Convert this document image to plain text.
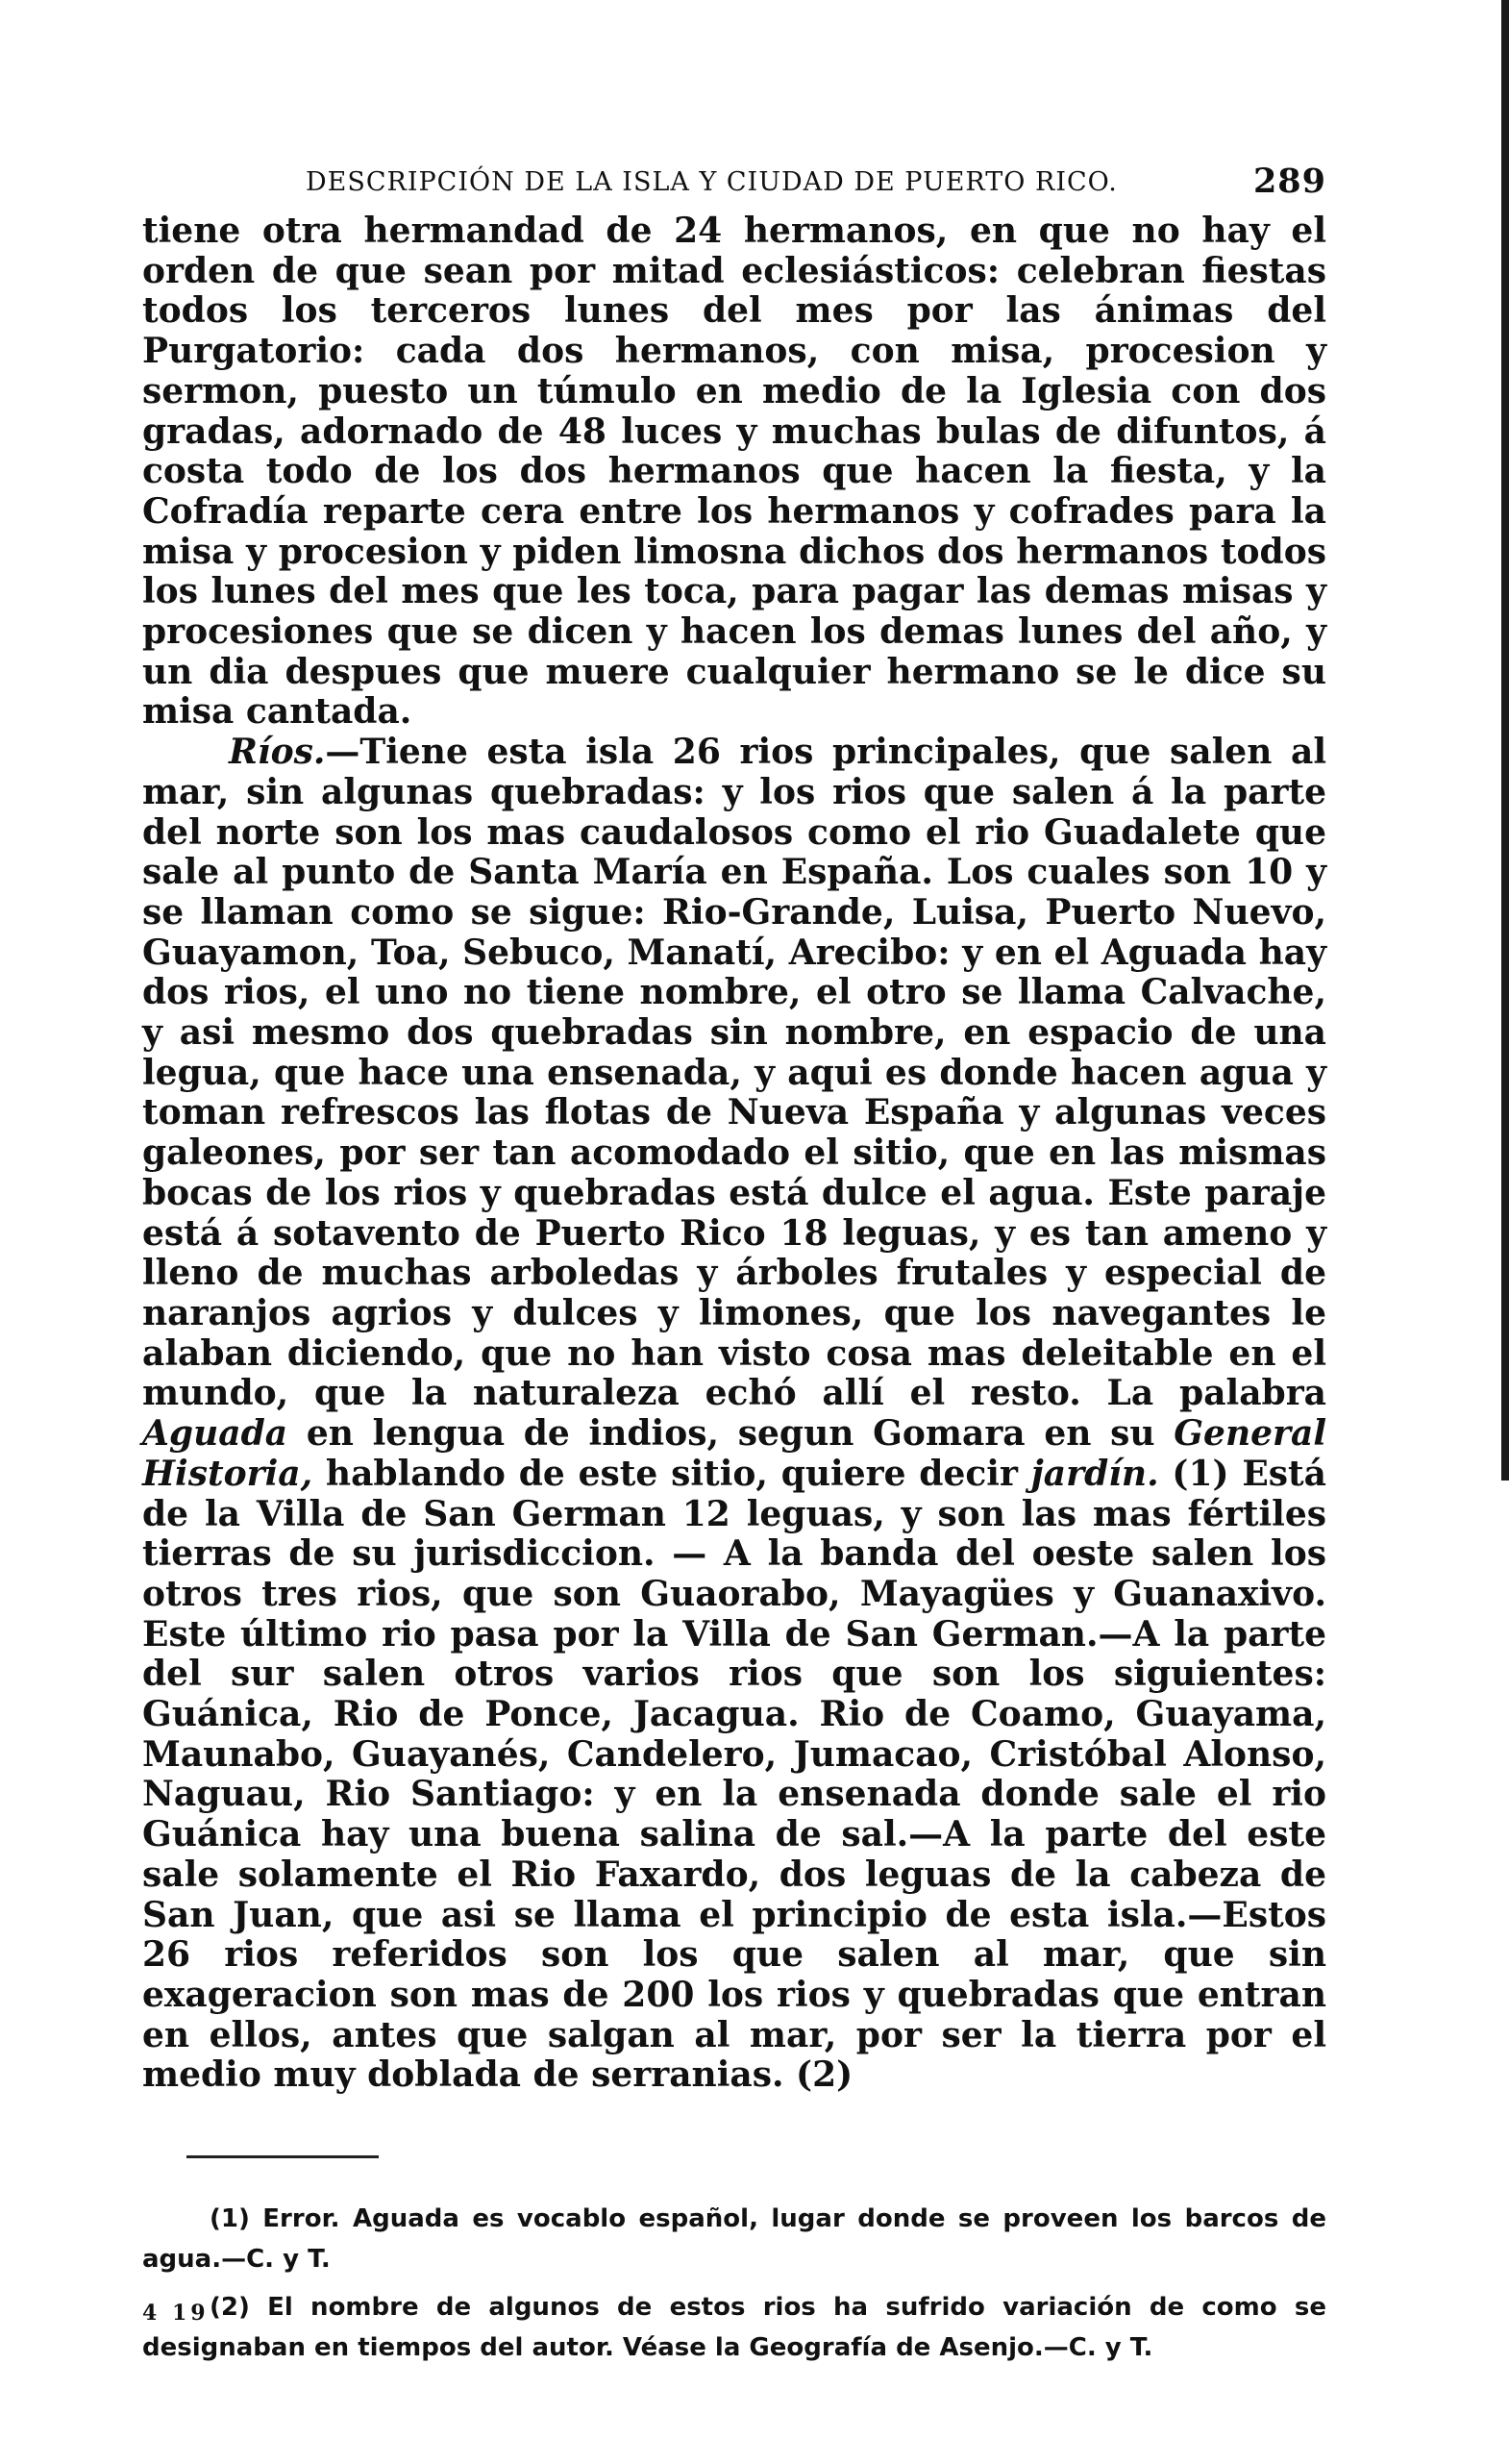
DESCRIPCIÓN DE LA ISLA Y CIUDAD DE PUERTO RICO.	289

tiene otra hermandad de 24 hermanos, en que no hay el orden de que sean por mitad eclesiásticos: celebran fiestas todos los terceros lunes del mes por las ánimas del Purgatorio: cada dos hermanos, con misa, procesion y sermon, puesto un túmulo en medio de la Iglesia con dos gradas, adornado de 48 luces y muchas bulas de difuntos, á costa todo de los dos hermanos que hacen la fiesta, y la Cofradía reparte cera entre los hermanos y cofrades para la misa y procesion y piden limosna dichos dos hermanos todos los lunes del mes que les toca, para pagar las demas misas y procesiones que se dicen y hacen los demas lunes del año, y un dia despues que muere cualquier hermano se le dice su misa cantada.

Ríos.—Tiene esta isla 26 rios principales, que salen al mar, sin algunas quebradas: y los rios que salen á la parte del norte son los mas caudalosos como el rio Guadalete que sale al punto de Santa María en España. Los cuales son 10 y se llaman como se sigue: Rio-Grande, Luisa, Puerto Nuevo, Guayamon, Toa, Sebuco, Manatí, Arecibo: y en el Aguada hay dos rios, el uno no tiene nombre, el otro se llama Calvache, y asi mesmo dos quebradas sin nombre, en espacio de una legua, que hace una ensenada, y aqui es donde hacen agua y toman refrescos las flotas de Nueva España y algunas veces galeones, por ser tan acomodado el sitio, que en las mismas bocas de los rios y quebradas está dulce el agua. Este paraje está á sotavento de Puerto Rico 18 leguas, y es tan ameno y lleno de muchas arboledas y árboles frutales y especial de naranjos agrios y dulces y limones, que los navegantes le alaban diciendo, que no han visto cosa mas deleitable en el mundo, que la naturaleza echó allí el resto. La palabra Aguada en lengua de indios, segun Gomara en su General Historia, hablando de este sitio, quiere decir jardín. (1) Está de la Villa de San German 12 leguas, y son las mas fértiles tierras de su jurisdiccion. — A la banda del oeste salen los otros tres rios, que son Guaorabo, Mayagües y Guanaxivo. Este último rio pasa por la Villa de San German.—A la parte del sur salen otros varios rios que son los siguientes: Guánica, Rio de Ponce, Jacagua. Rio de Coamo, Guayama, Maunabo, Guayanés, Candelero, Jumacao, Cristóbal Alonso, Naguau, Rio Santiago: y en la ensenada donde sale el rio Guánica hay una buena salina de sal.—A la parte del este sale solamente el Rio Faxardo, dos leguas de la cabeza de San Juan, que asi se llama el principio de esta isla.—Estos 26 rios referidos son los que salen al mar, que sin exageracion son mas de 200 los rios y quebradas que entran en ellos, antes que salgan al mar, por ser la tierra por el medio muy doblada de serranias. (2)

(1) Error. Aguada es vocablo español, lugar donde se proveen los barcos de agua.—C. y T.

(2) El nombre de algunos de estos rios ha sufrido variación de como se designaban en tiempos del autor. Véase la Geografía de Asenjo.—C. y T.

4 19
